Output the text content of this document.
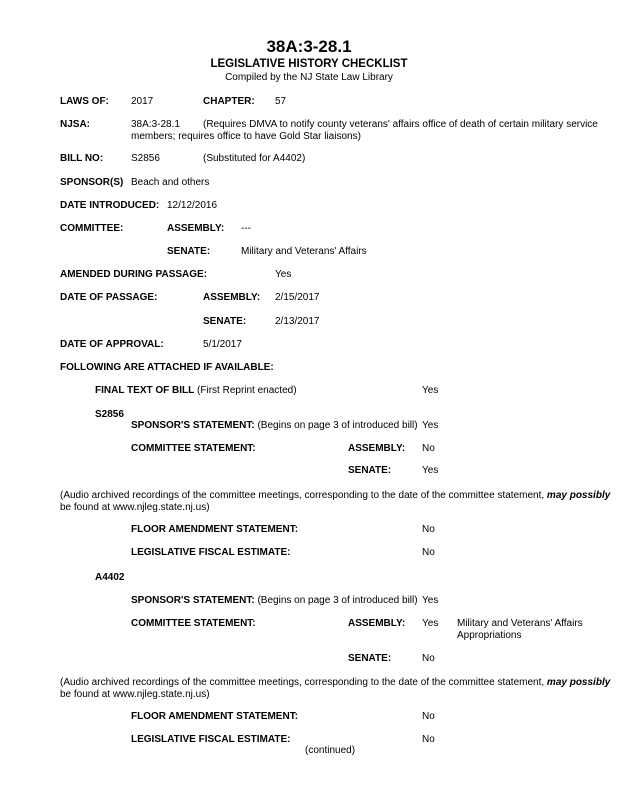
38A:3-28.1
LEGISLATIVE HISTORY CHECKLIST
Compiled by the NJ State Law Library
LAWS OF: 2017	CHAPTER: 57
NJSA:	38A:3-28.1 (Requires DMVA to notify county veterans' affairs office of death of certain military service
members; requires office to have Gold Star liaisons)
BILL NO:	S2856	(Substituted for A4402)
SPONSOR(S) Beach and others
DATE INTRODUCED: 12/12/2016
COMMITTEE:	ASSEMBLY: ---
SENATE:	Military and Veterans' Affairs
AMENDED DURING PASSAGE:	Yes
DATE OF PASSAGE:	ASSEMBLY: 2/15/2017
SENATE:	2/13/2017
DATE OF APPROVAL:	5/1/2017
FOLLOWING ARE ATTACHED IF AVAILABLE:
FINAL TEXT OF BILL (First Reprint enacted)	Yes
S2856
SPONSOR'S STATEMENT: (Begins on page 3 of introduced bill) Yes
COMMITTEE STATEMENT:	ASSEMBLY: No
SENATE:	Yes
(Audio archived recordings of the committee meetings, corresponding to the date of the committee statement, may possibly
be found at www.njleg.state.nj.us)
FLOOR AMENDMENT STATEMENT:	No
LEGISLATIVE FISCAL ESTIMATE:	No
A4402
SPONSOR'S STATEMENT: (Begins on page 3 of introduced bill) Yes
COMMITTEE STATEMENT:	ASSEMBLY: Yes Military and Veterans' Affairs
Appropriations
SENATE:	No
(Audio archived recordings of the committee meetings, corresponding to the date of the committee statement, may possibly
be found at www.njleg.state.nj.us)
FLOOR AMENDMENT STATEMENT:	No
LEGISLATIVE FISCAL ESTIMATE:	No
(continued)
